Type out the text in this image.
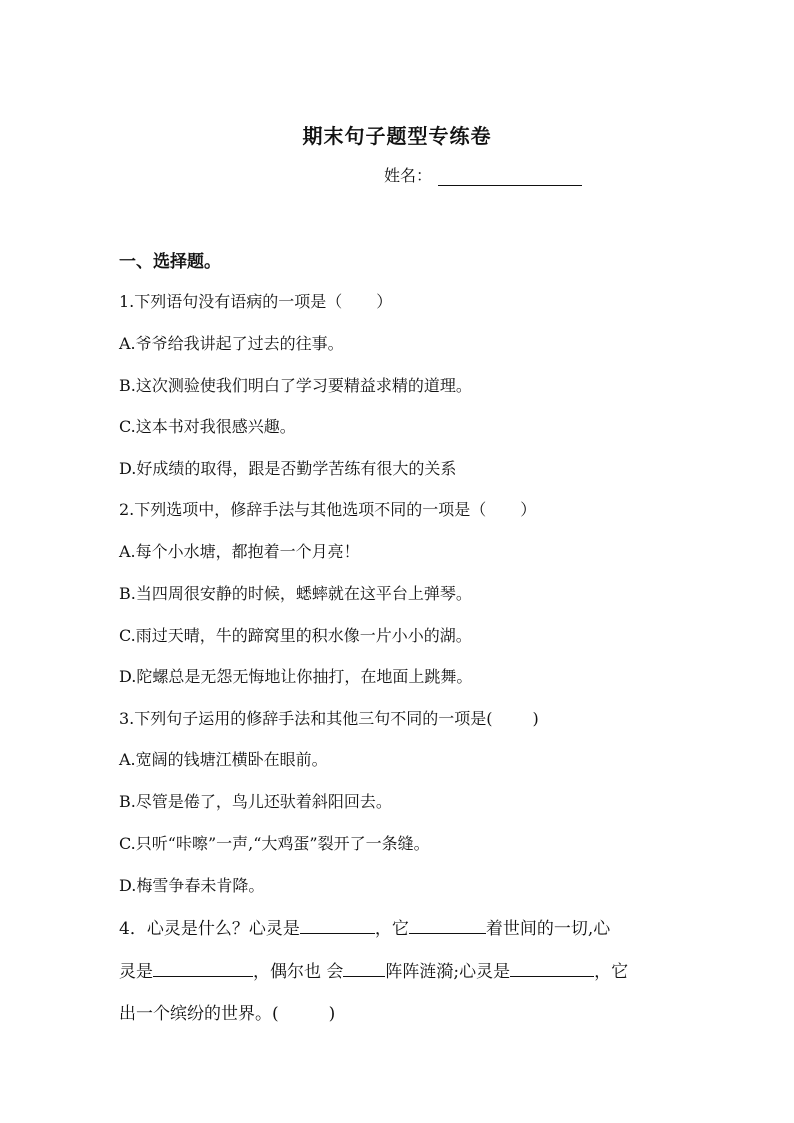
期末句子题型专练卷
姓名：
一、选择题。
1.下列语句没有语病的一项是（ ）
A.爷爷给我讲起了过去的往事。
B.这次测验使我们明白了学习要精益求精的道理。
C.这本书对我很感兴趣。
D.好成绩的取得，跟是否勤学苦练有很大的关系
2.下列选项中，修辞手法与其他选项不同的一项是（ ）
A.每个小水塘，都抱着一个月亮！
B.当四周很安静的时候，蟋蟀就在这平台上弹琴。
C.雨过天晴，牛的蹄窝里的积水像一片小小的湖。
D.陀螺总是无怨无悔地让你抽打，在地面上跳舞。
3.下列句子运用的修辞手法和其他三句不同的一项是(	)
A.宽阔的钱塘江横卧在眼前。
B.尽管是倦了，鸟儿还驮着斜阳回去。
C.只听“咔嚓”一声,“大鸡蛋”裂开了一条缝。
D.梅雪争春未肯降。
4．心灵是什么？心灵是	，它	着世间的一切,心
灵是	，偶尔也 会 阵阵涟漪;心灵是	，它
出一个缤纷的世界。(	)
